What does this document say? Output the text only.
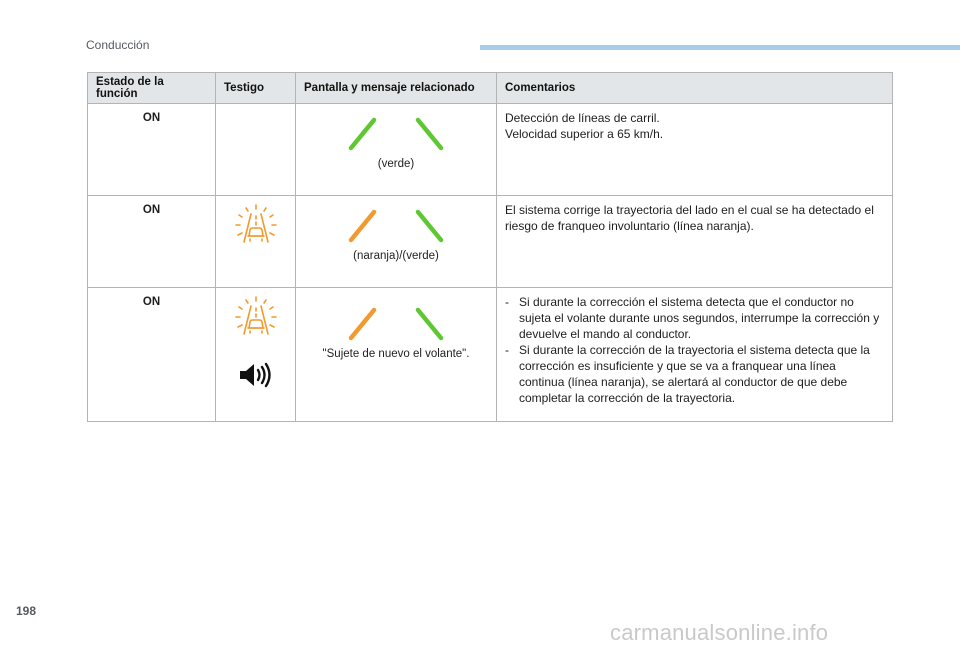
Conducción
Estado de la función	Testigo	Pantalla y mensaje relacionado	Comentarios
ON		(verde)	Detección de líneas de carril.
Velocidad superior a 65 km/h.

ON		(naranja)/(verde)	El sistema corrige la trayectoria del lado en el cual se ha detectado el riesgo de franqueo involuntario (línea naranja).
ON		"Sujete de nuevo el volante".	- Si durante la corrección el sistema detecta que el conductor no sujeta el volante durante unos segundos, interrumpe la corrección y devuelve el mando al conductor.
- Si durante la corrección de la trayectoria el sistema detecta que la corrección es insuficiente y que se va a franquear una línea continua (línea naranja), se alertará al conductor de que debe completar la corrección de la trayectoria.
198
carmanualsonline.info
